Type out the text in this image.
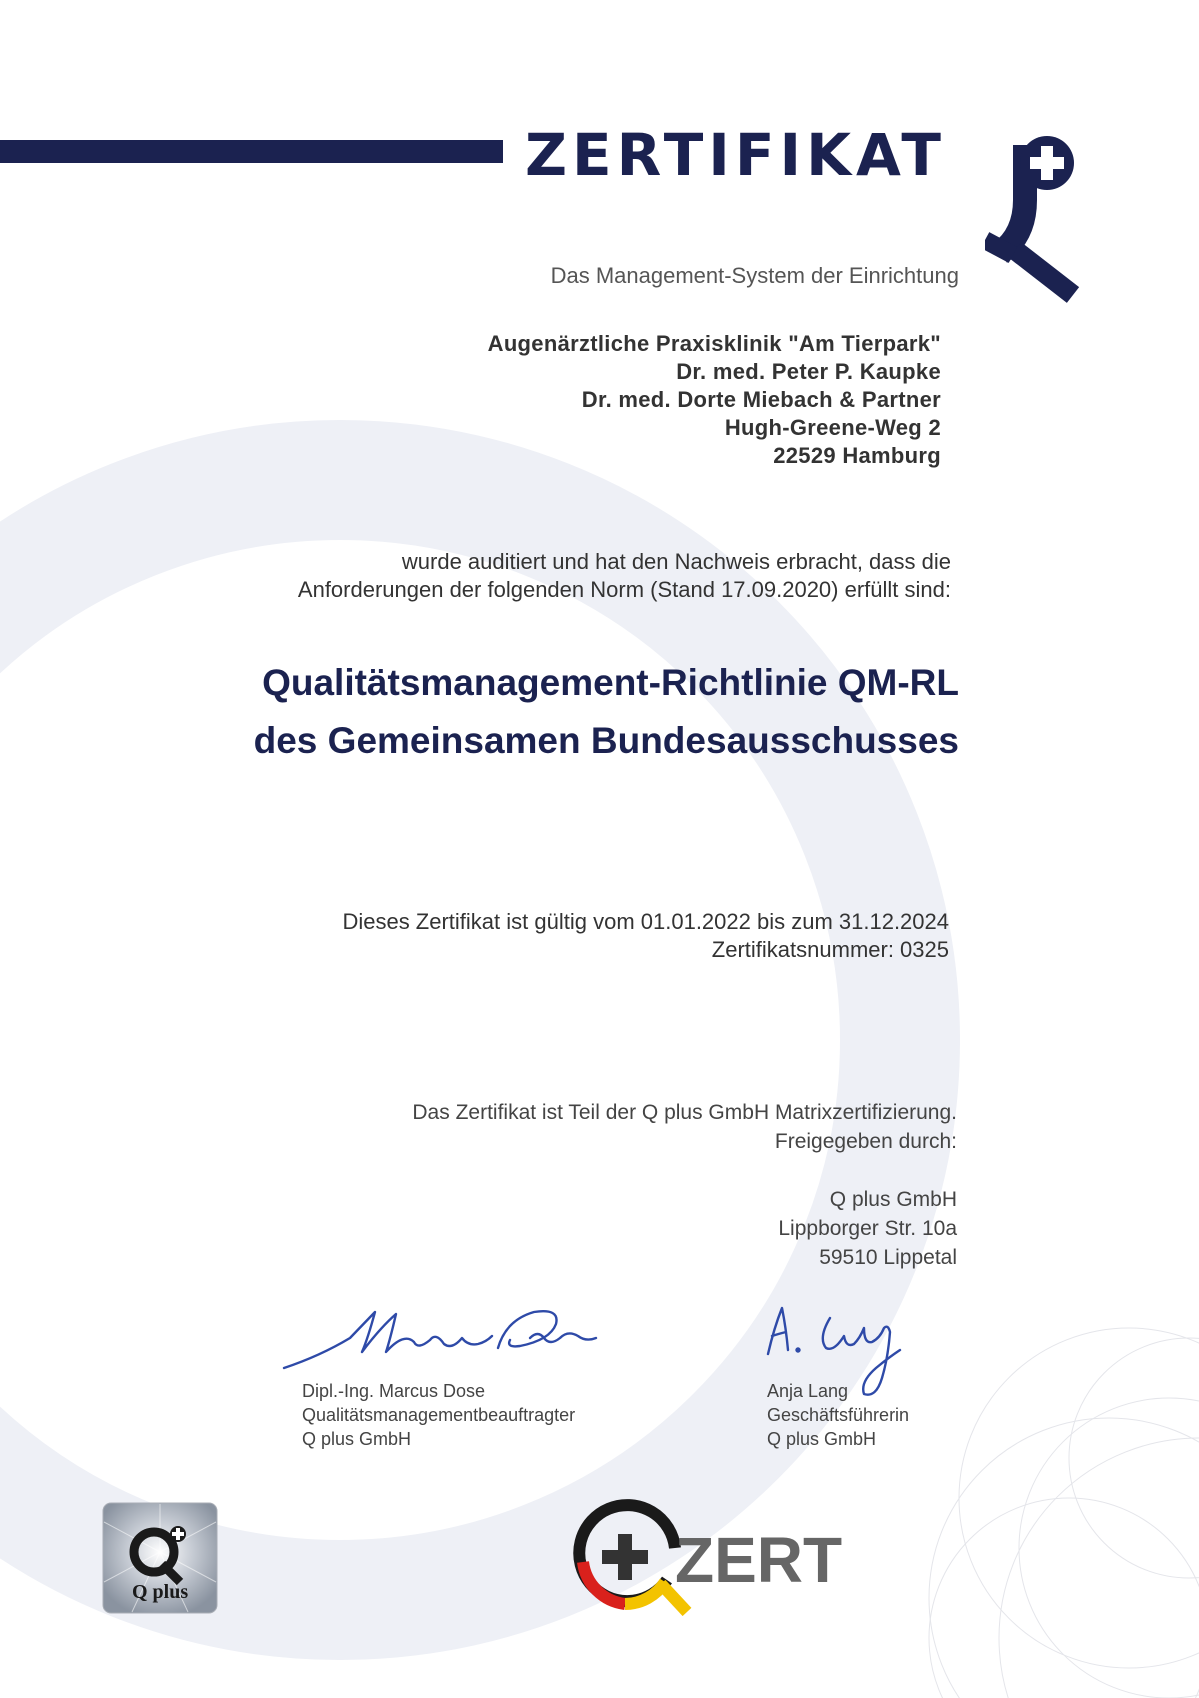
ZERTIFIKAT
Das Management-System der Einrichtung
Augenärztliche Praxisklinik "Am Tierpark"
Dr. med. Peter P. Kaupke
Dr. med. Dorte Miebach & Partner
Hugh-Greene-Weg 2
22529 Hamburg
wurde auditiert und hat den Nachweis erbracht, dass die
Anforderungen der folgenden Norm (Stand 17.09.2020) erfüllt sind:
Qualitätsmanagement-Richtlinie QM-RL
des Gemeinsamen Bundesausschusses
Dieses Zertifikat ist gültig vom 01.01.2022 bis zum 31.12.2024
Zertifikatsnummer: 0325
Das Zertifikat ist Teil der Q plus GmbH Matrixzertifizierung.
Freigegeben durch:
Q plus GmbH
Lippborger Str. 10a
59510 Lippetal
Dipl.-Ing. Marcus Dose
Qualitätsmanagementbeauftragter
Q plus GmbH
Anja Lang
Geschäftsführerin
Q plus GmbH
Q plus	ZERT
